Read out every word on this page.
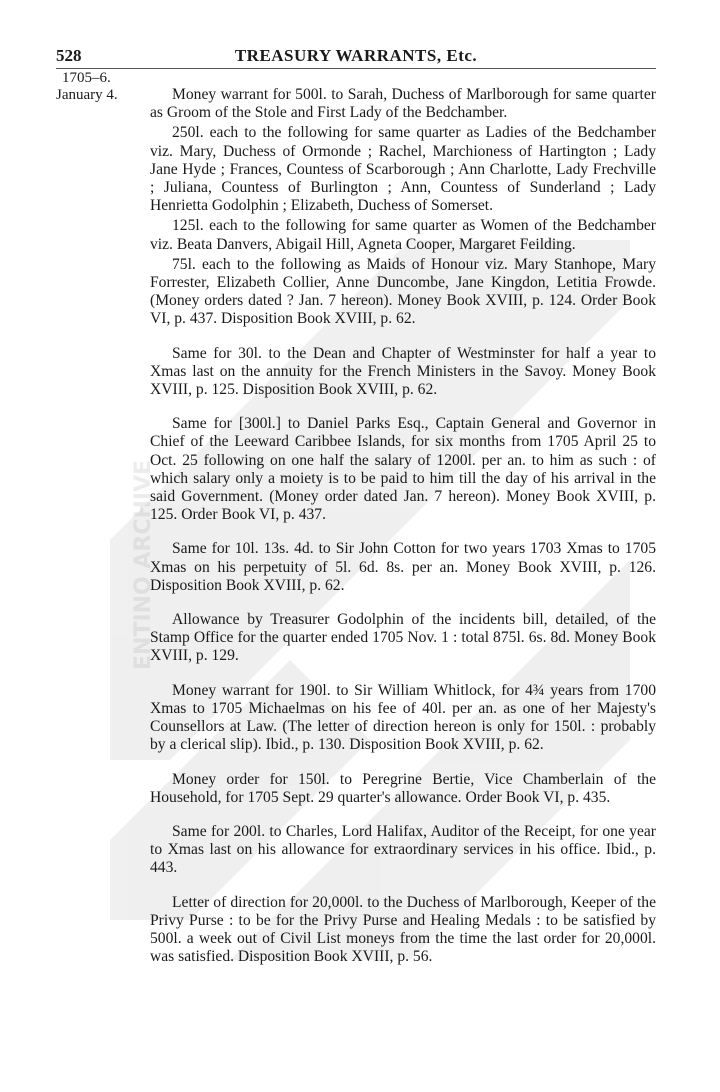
ENTINO ARCHIVE
528	TREASURY WARRANTS, Etc.
1705–6.
January 4.	Money warrant for 500l. to Sarah, Duchess of Marlborough for same quarter as Groom of the Stole and First Lady of the Bedchamber.

250l. each to the following for same quarter as Ladies of the Bedchamber viz. Mary, Duchess of Ormonde ; Rachel, Marchioness of Hartington ; Lady Jane Hyde ; Frances, Countess of Scarborough ; Ann Charlotte, Lady Frechville ; Juliana, Countess of Burlington ; Ann, Countess of Sunderland ; Lady Henrietta Godolphin ; Elizabeth, Duchess of Somerset.

125l. each to the following for same quarter as Women of the Bedchamber viz. Beata Danvers, Abigail Hill, Agneta Cooper, Margaret Feilding.

75l. each to the following as Maids of Honour viz. Mary Stanhope, Mary Forrester, Elizabeth Collier, Anne Duncombe, Jane Kingdon, Letitia Frowde. (Money orders dated ? Jan. 7 hereon). Money Book XVIII, p. 124. Order Book VI, p. 437. Disposition Book XVIII, p. 62.

Same for 30l. to the Dean and Chapter of Westminster for half a year to Xmas last on the annuity for the French Ministers in the Savoy. Money Book XVIII, p. 125. Disposition Book XVIII, p. 62.

Same for [300l.] to Daniel Parks Esq., Captain General and Governor in Chief of the Leeward Caribbee Islands, for six months from 1705 April 25 to Oct. 25 following on one half the salary of 1200l. per an. to him as such : of which salary only a moiety is to be paid to him till the day of his arrival in the said Government. (Money order dated Jan. 7 hereon). Money Book XVIII, p. 125. Order Book VI, p. 437.

Same for 10l. 13s. 4d. to Sir John Cotton for two years 1703 Xmas to 1705 Xmas on his perpetuity of 5l. 6d. 8s. per an. Money Book XVIII, p. 126. Disposition Book XVIII, p. 62.

Allowance by Treasurer Godolphin of the incidents bill, detailed, of the Stamp Office for the quarter ended 1705 Nov. 1 : total 875l. 6s. 8d. Money Book XVIII, p. 129.

Money warrant for 190l. to Sir William Whitlock, for 4¾ years from 1700 Xmas to 1705 Michaelmas on his fee of 40l. per an. as one of her Majesty's Counsellors at Law. (The letter of direction hereon is only for 150l. : probably by a clerical slip). Ibid., p. 130. Disposition Book XVIII, p. 62.

Money order for 150l. to Peregrine Bertie, Vice Chamberlain of the Household, for 1705 Sept. 29 quarter's allowance. Order Book VI, p. 435.

Same for 200l. to Charles, Lord Halifax, Auditor of the Receipt, for one year to Xmas last on his allowance for extraordinary services in his office. Ibid., p. 443.

Letter of direction for 20,000l. to the Duchess of Marlborough, Keeper of the Privy Purse : to be for the Privy Purse and Healing Medals : to be satisfied by 500l. a week out of Civil List moneys from the time the last order for 20,000l. was satisfied. Disposition Book XVIII, p. 56.
